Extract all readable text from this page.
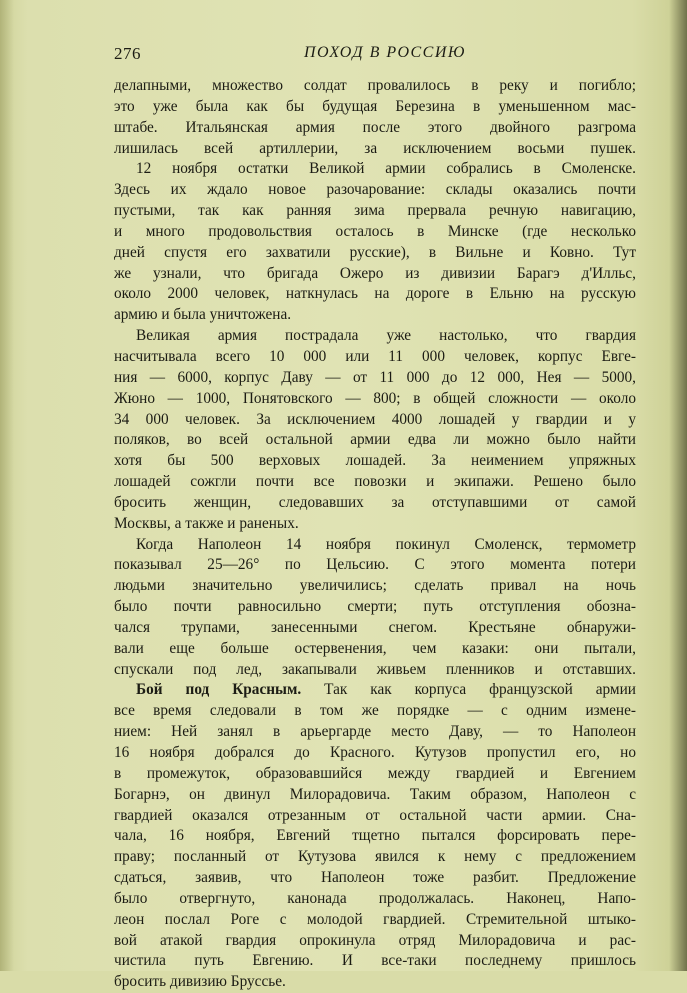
276	ПОХОД В РОССИЮ
делапными, множество солдат провалилось в реку и погибло;
это уже была как бы будущая Березина в уменьшенном мас-
штабе. Итальянская армия после этого двойного разгрома
лишилась всей артиллерии, за исключением восьми пушек.
12 ноября остатки Великой армии собрались в Смоленске.
Здесь их ждало новое разочарование: склады оказались почти
пустыми, так как ранняя зима прервала речную навигацию,
и много продовольствия осталось в Минске (где несколько
дней спустя его захватили русские), в Вильне и Ковно. Тут
же узнали, что бригада Ожеро из дивизии Барагэ д'Илльс,
около 2000 человек, наткнулась на дороге в Ельню на русскую
армию и была уничтожена.
Великая армия пострадала уже настолько, что гвардия
насчитывала всего 10 000 или 11 000 человек, корпус Евге-
ния — 6000, корпус Даву — от 11 000 до 12 000, Нея — 5000,
Жюно — 1000, Понятовского — 800; в общей сложности — около
34 000 человек. За исключением 4000 лошадей у гвардии и у
поляков, во всей остальной армии едва ли можно было найти
хотя бы 500 верховых лошадей. За неимением упряжных
лошадей сожгли почти все повозки и экипажи. Решено было
бросить женщин, следовавших за отступавшими от самой
Москвы, а также и раненых.
Когда Наполеон 14 ноября покинул Смоленск, термометр
показывал 25—26° по Цельсию. С этого момента потери
людьми значительно увеличились; сделать привал на ночь
было почти равносильно смерти; путь отступления обозна-
чался трупами, занесенными снегом. Крестьяне обнаружи-
вали еще больше остервенения, чем казаки: они пытали,
спускали под лед, закапывали живьем пленников и отставших.
Бой под Красным. Так как корпуса французской армии
все время следовали в том же порядке — с одним измене-
нием: Ней занял в арьергарде место Даву, — то Наполеон
16 ноября добрался до Красного. Кутузов пропустил его, но
в промежуток, образовавшийся между гвардией и Евгением
Богарнэ, он двинул Милорадовича. Таким образом, Наполеон с
гвардией оказался отрезанным от остальной части армии. Сна-
чала, 16 ноября, Евгений тщетно пытался форсировать пере-
праву; посланный от Кутузова явился к нему с предложением
сдаться, заявив, что Наполеон тоже разбит. Предложение
было отвергнуто, канонада продолжалась. Наконец, Напо-
леон послал Роге с молодой гвардией. Стремительной штыко-
вой атакой гвардия опрокинула отряд Милорадовича и рас-
чистила путь Евгению. И все-таки последнему пришлось
бросить дивизию Бруссье.
